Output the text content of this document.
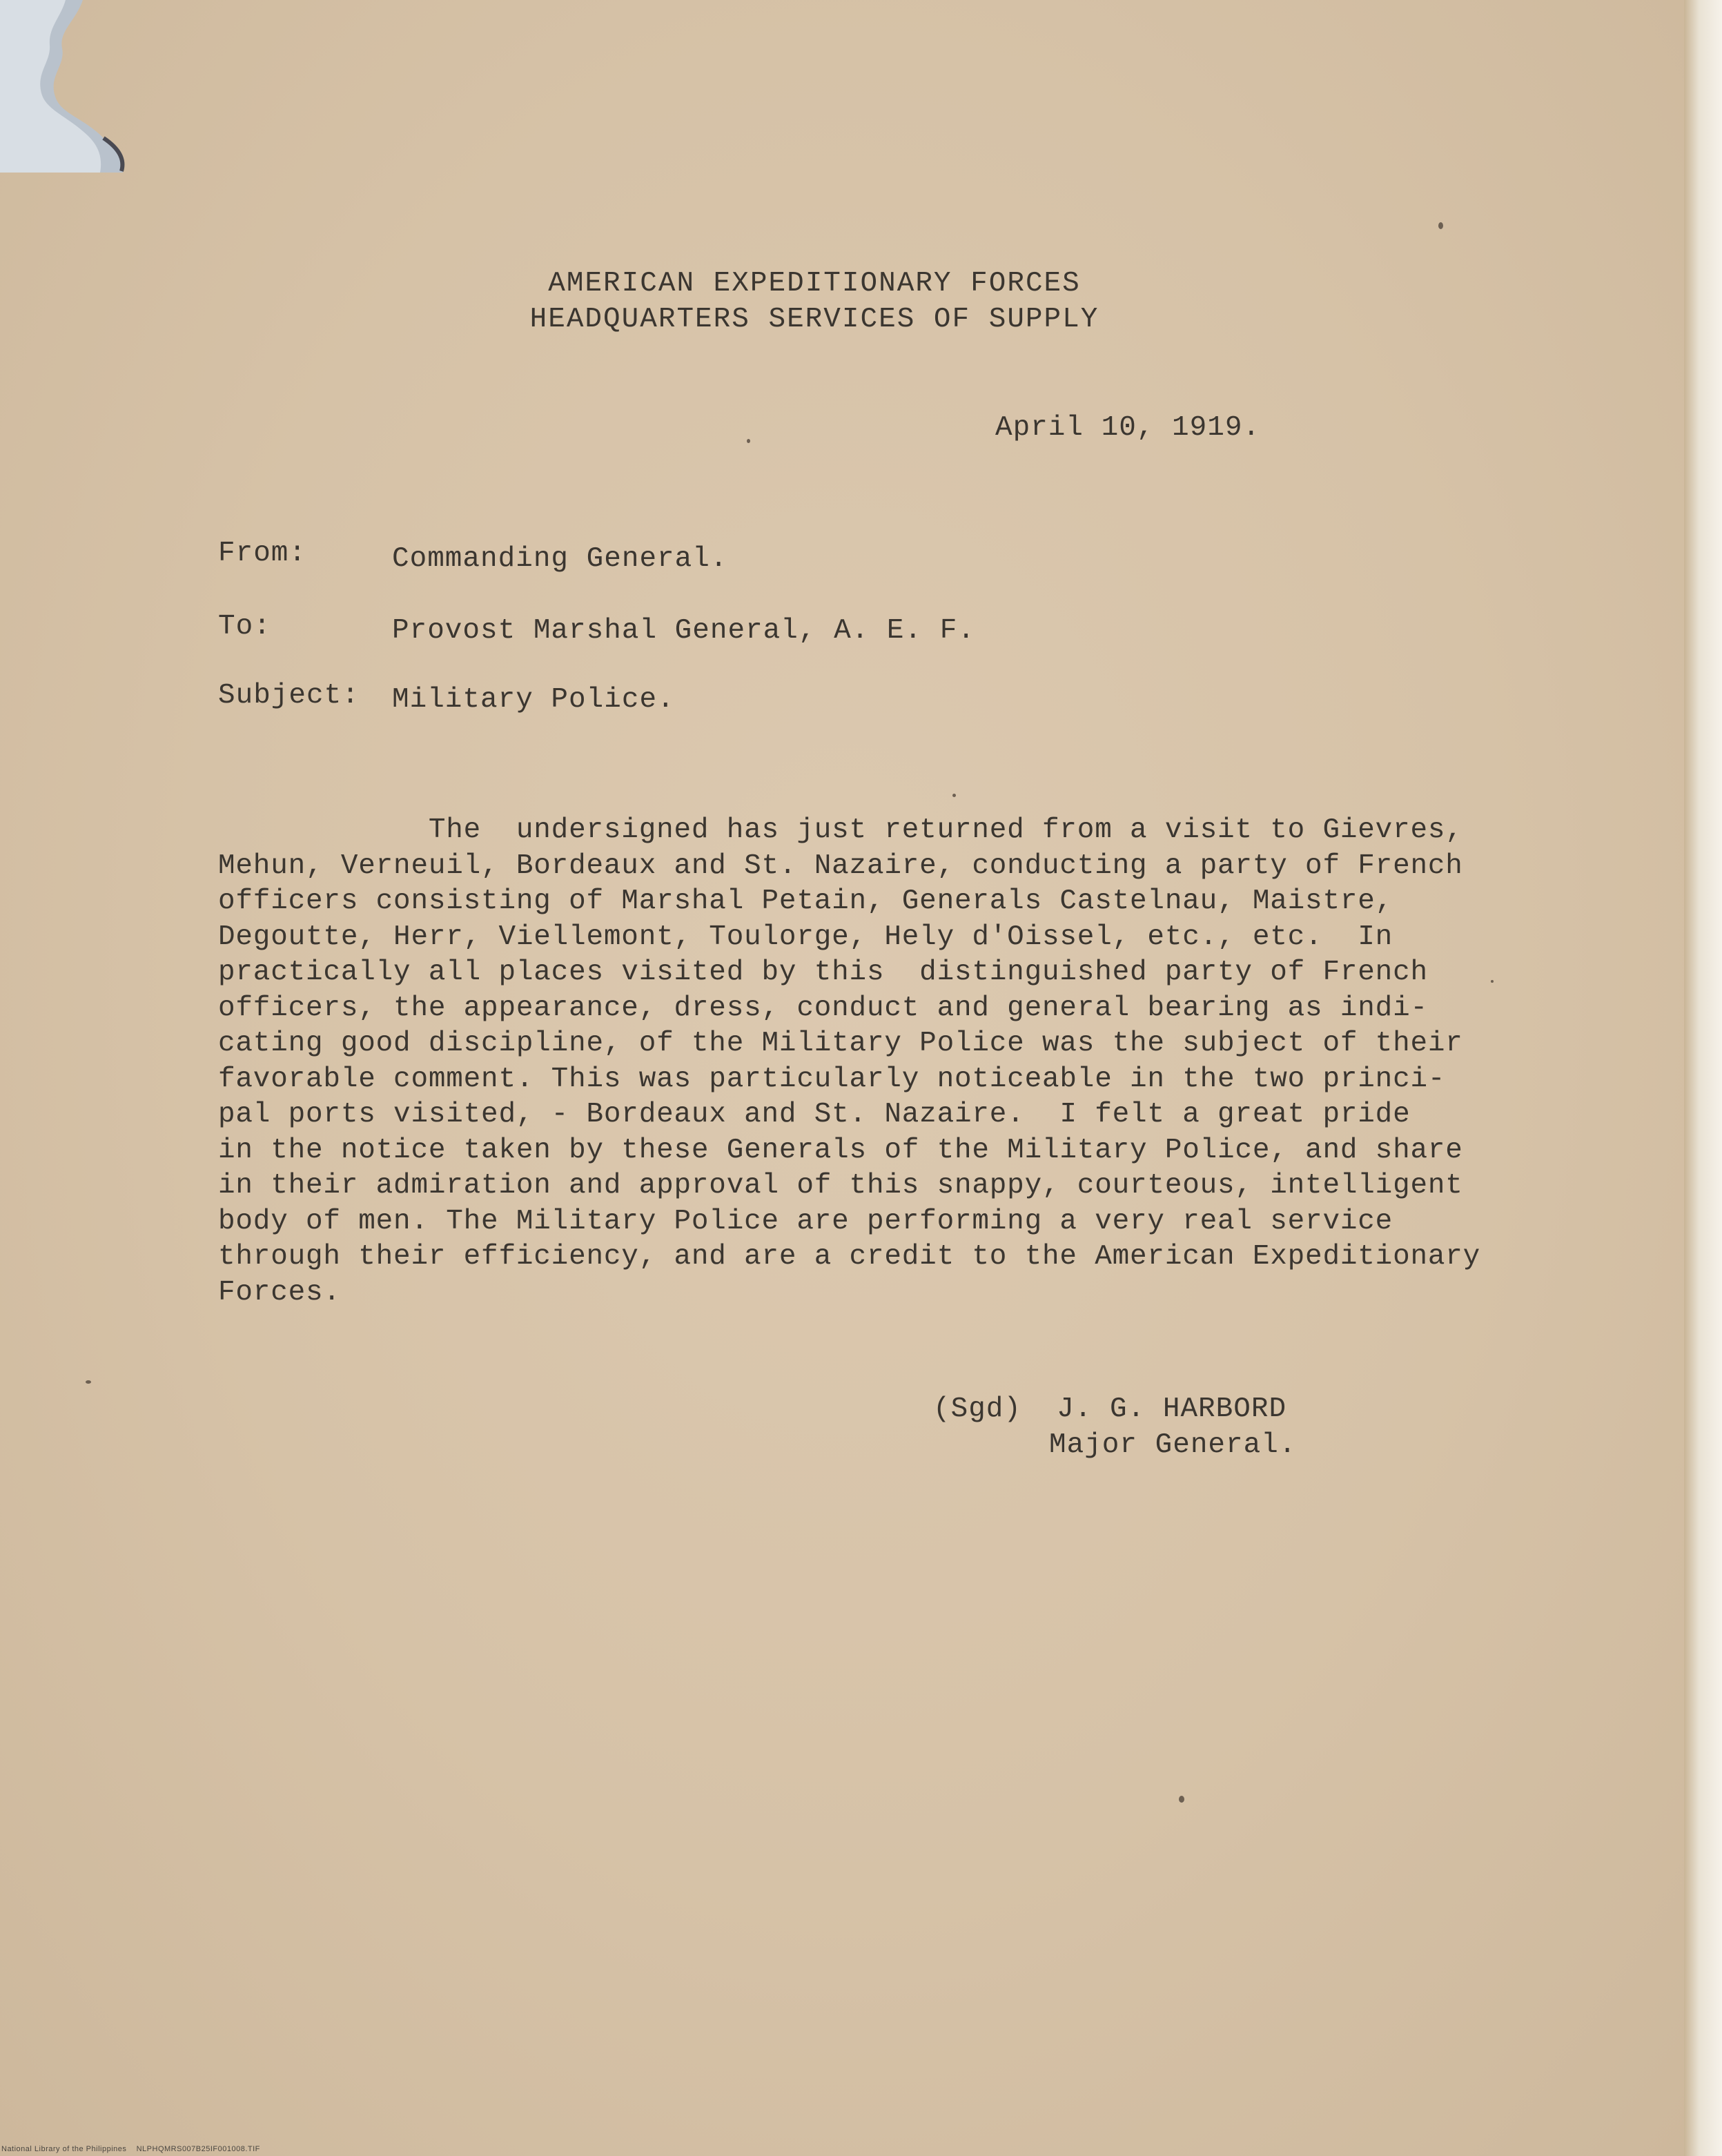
AMERICAN EXPEDITIONARY FORCES
HEADQUARTERS SERVICES OF SUPPLY
April 10, 1919.
From:	Commanding General.
To:	Provost Marshal General, A. E. F.
Subject: Military Police.
The  undersigned has just returned from a visit to Gievres,
Mehun, Verneuil, Bordeaux and St. Nazaire, conducting a party of French
officers consisting of Marshal Petain, Generals Castelnau, Maistre,
Degoutte, Herr, Viellemont, Toulorge, Hely d'Oissel, etc., etc.  In
practically all places visited by this  distinguished party of French
officers, the appearance, dress, conduct and general bearing as indi-
cating good discipline, of the Military Police was the subject of their
favorable comment. This was particularly noticeable in the two princi-
pal ports visited, - Bordeaux and St. Nazaire.  I felt a great pride
in the notice taken by these Generals of the Military Police, and share
in their admiration and approval of this snappy, courteous, intelligent
body of men. The Military Police are performing a very real service
through their efficiency, and are a credit to the American Expeditionary
Forces.
(Sgd)  J. G. HARBORD
Major General.
National Library of the Philippines    NLPHQMRS007B25IF001008.TIF
